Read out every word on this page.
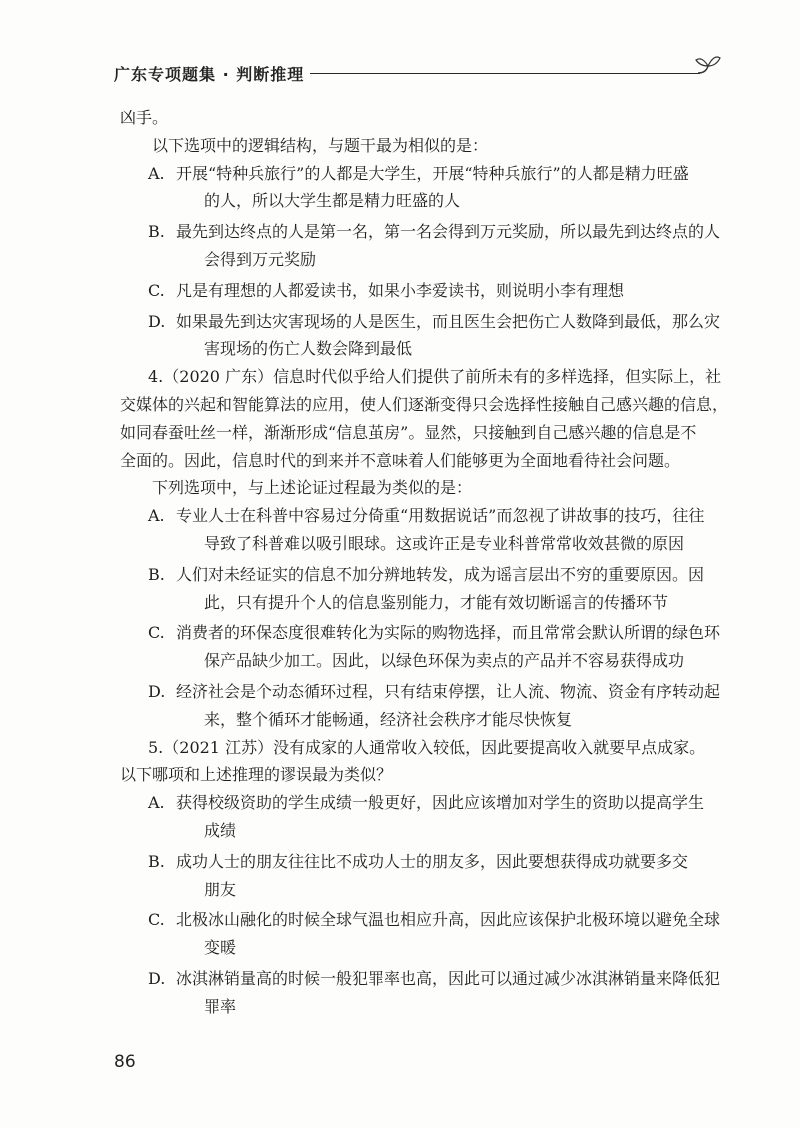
广东专项题集 · 判断推理
凶手。
以下选项中的逻辑结构，与题干最为相似的是：
A. 开展“特种兵旅行”的人都是大学生，开展“特种兵旅行”的人都是精力旺盛
的人，所以大学生都是精力旺盛的人
B. 最先到达终点的人是第一名，第一名会得到万元奖励，所以最先到达终点的人
会得到万元奖励
C. 凡是有理想的人都爱读书，如果小李爱读书，则说明小李有理想
D. 如果最先到达灾害现场的人是医生，而且医生会把伤亡人数降到最低，那么灾
害现场的伤亡人数会降到最低
4.（2020 广东）信息时代似乎给人们提供了前所未有的多样选择，但实际上，社
交媒体的兴起和智能算法的应用，使人们逐渐变得只会选择性接触自己感兴趣的信息，
如同春蚕吐丝一样，渐渐形成“信息茧房”。显然，只接触到自己感兴趣的信息是不
全面的。因此，信息时代的到来并不意味着人们能够更为全面地看待社会问题。
下列选项中，与上述论证过程最为类似的是：
A. 专业人士在科普中容易过分倚重“用数据说话”而忽视了讲故事的技巧，往往
导致了科普难以吸引眼球。这或许正是专业科普常常收效甚微的原因
B. 人们对未经证实的信息不加分辨地转发，成为谣言层出不穷的重要原因。因
此，只有提升个人的信息鉴别能力，才能有效切断谣言的传播环节
C. 消费者的环保态度很难转化为实际的购物选择，而且常常会默认所谓的绿色环
保产品缺少加工。因此，以绿色环保为卖点的产品并不容易获得成功
D. 经济社会是个动态循环过程，只有结束停摆，让人流、物流、资金有序转动起
来，整个循环才能畅通，经济社会秩序才能尽快恢复
5.（2021 江苏）没有成家的人通常收入较低，因此要提高收入就要早点成家。
以下哪项和上述推理的谬误最为类似？
A. 获得校级资助的学生成绩一般更好，因此应该增加对学生的资助以提高学生
成绩
B. 成功人士的朋友往往比不成功人士的朋友多，因此要想获得成功就要多交
朋友
C. 北极冰山融化的时候全球气温也相应升高，因此应该保护北极环境以避免全球
变暖
D. 冰淇淋销量高的时候一般犯罪率也高，因此可以通过减少冰淇淋销量来降低犯
罪率
86
